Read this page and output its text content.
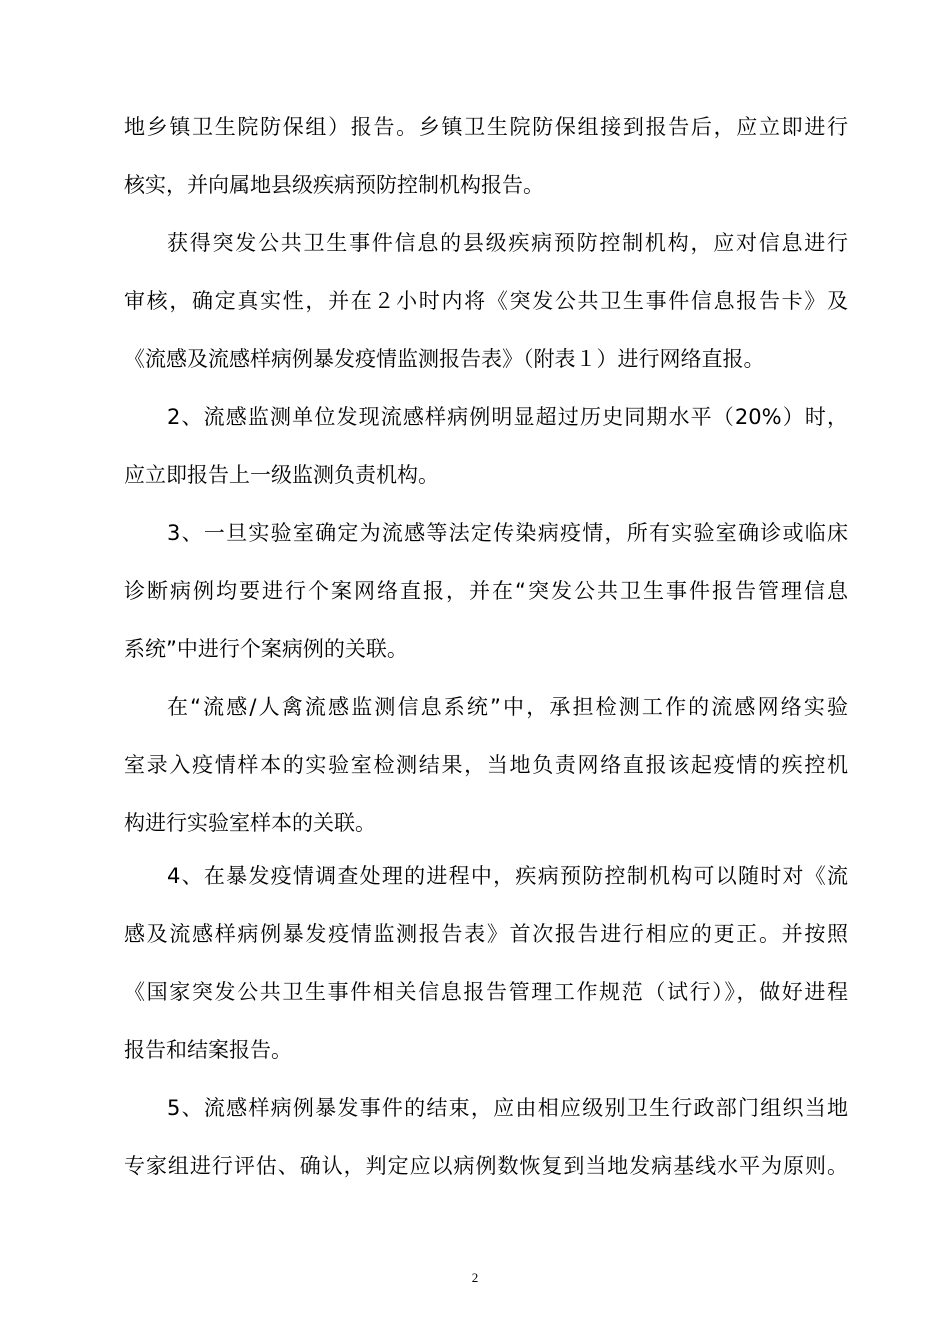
地乡镇卫生院防保组）报告。乡镇卫生院防保组接到报告后，应立即进行
核实，并向属地县级疾病预防控制机构报告。
获得突发公共卫生事件信息的县级疾病预防控制机构，应对信息进行
审核，确定真实性，并在２小时内将《突发公共卫生事件信息报告卡》及
《流感及流感样病例暴发疫情监测报告表》（附表１）进行网络直报。
2、流感监测单位发现流感样病例明显超过历史同期水平（20%）时，
应立即报告上一级监测负责机构。
3、一旦实验室确定为流感等法定传染病疫情，所有实验室确诊或临床
诊断病例均要进行个案网络直报，并在“突发公共卫生事件报告管理信息
系统”中进行个案病例的关联。
在“流感/人禽流感监测信息系统”中，承担检测工作的流感网络实验
室录入疫情样本的实验室检测结果，当地负责网络直报该起疫情的疾控机
构进行实验室样本的关联。
4、在暴发疫情调查处理的进程中，疾病预防控制机构可以随时对《流
感及流感样病例暴发疫情监测报告表》首次报告进行相应的更正。并按照
《国家突发公共卫生事件相关信息报告管理工作规范（试行）》，做好进程
报告和结案报告。
5、流感样病例暴发事件的结束，应由相应级别卫生行政部门组织当地
专家组进行评估、确认，判定应以病例数恢复到当地发病基线水平为原则。
2
